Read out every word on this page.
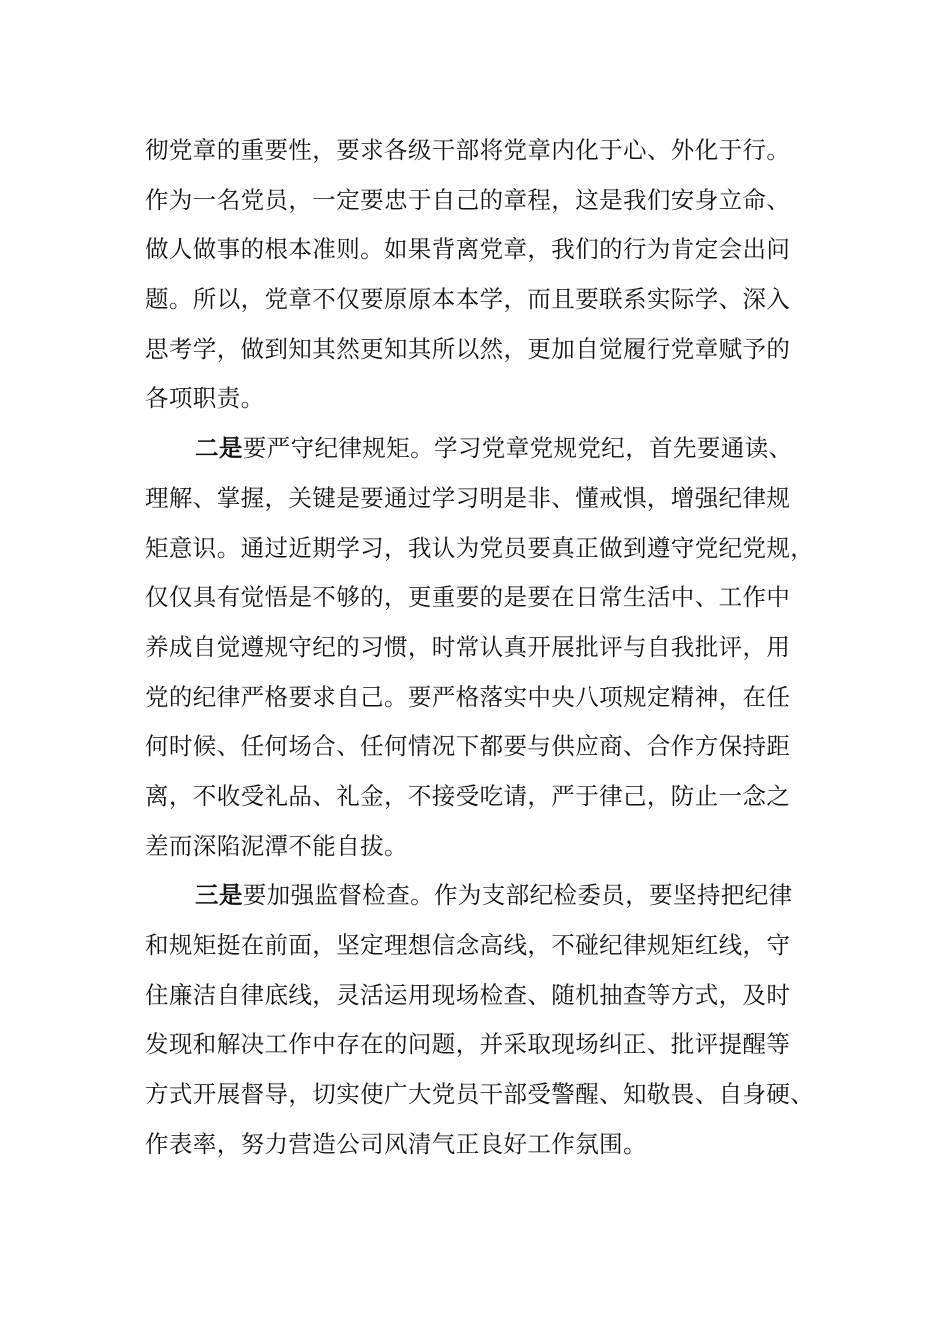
彻党章的重要性，要求各级干部将党章内化于心、外化于行。
作为一名党员，一定要忠于自己的章程，这是我们安身立命、
做人做事的根本准则。如果背离党章，我们的行为肯定会出问
题。所以，党章不仅要原原本本学，而且要联系实际学、深入
思考学，做到知其然更知其所以然，更加自觉履行党章赋予的
各项职责。
二是要严守纪律规矩。学习党章党规党纪，首先要通读、
理解、掌握，关键是要通过学习明是非、懂戒惧，增强纪律规
矩意识。通过近期学习，我认为党员要真正做到遵守党纪党规，
仅仅具有觉悟是不够的，更重要的是要在日常生活中、工作中
养成自觉遵规守纪的习惯，时常认真开展批评与自我批评，用
党的纪律严格要求自己。要严格落实中央八项规定精神，在任
何时候、任何场合、任何情况下都要与供应商、合作方保持距
离，不收受礼品、礼金，不接受吃请，严于律己，防止一念之
差而深陷泥潭不能自拔。
三是要加强监督检查。作为支部纪检委员，要坚持把纪律
和规矩挺在前面，坚定理想信念高线，不碰纪律规矩红线，守
住廉洁自律底线，灵活运用现场检查、随机抽查等方式，及时
发现和解决工作中存在的问题，并采取现场纠正、批评提醒等
方式开展督导，切实使广大党员干部受警醒、知敬畏、自身硬、
作表率，努力营造公司风清气正良好工作氛围。
